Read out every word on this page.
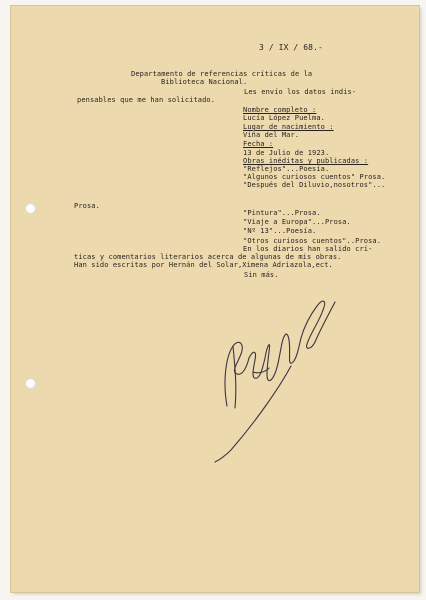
3 / IX / 68.-
Departamento de referencias críticas de la
Biblioteca Nacional.
Les envío los datos indis-
pensables que me han solicitado.
Nombre completo :
Lucía López Puelma.
Lugar de nacimiento :
Viña del Mar.
Fecha :
13 de Julio de 1923.
Obras inéditas y publicadas :
"Reflejos"...Poesía.
"Algunos curiosos cuentos" Prosa.
"Después del Diluvio,nosotros"...
Prosa.
"Pintura"...Prosa.
"Viaje a Europa"...Prosa.
"Nº 13"...Poesía.
"Otros curiosos cuentos"..Prosa.
En los diarios han salido crí-
ticas y comentarios literarios acerca de algunas de mis obras.
Han sido escritas por Hernán del Solar,Ximena Adriazola,ect.
Sin más.
